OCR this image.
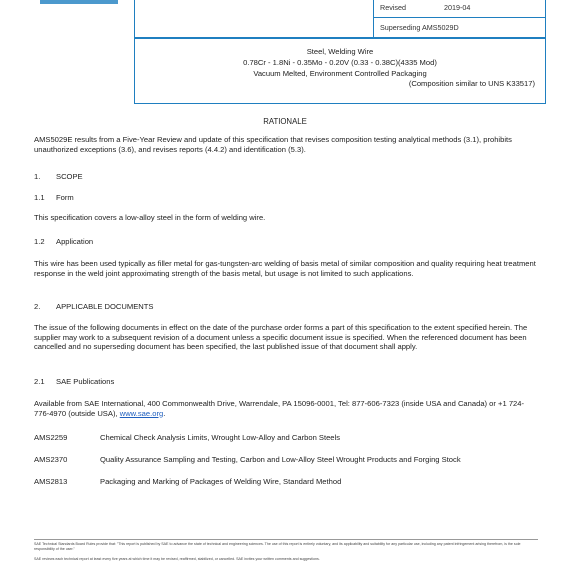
Revised	2019-04
Superseding AMS5029D
Steel, Welding Wire
0.78Cr - 1.8Ni - 0.35Mo - 0.20V (0.33 - 0.38C)(4335 Mod)
Vacuum Melted, Environment Controlled Packaging
(Composition similar to UNS K33517)
RATIONALE
AMS5029E results from a Five-Year Review and update of this specification that revises composition testing analytical methods (3.1), prohibits unauthorized exceptions (3.6), and revises reports (4.4.2) and identification (5.3).
1. SCOPE
1.1 Form
This specification covers a low-alloy steel in the form of welding wire.
1.2 Application
This wire has been used typically as filler metal for gas-tungsten-arc welding of basis metal of similar composition and quality requiring heat treatment response in the weld joint approximating strength of the basis metal, but usage is not limited to such applications.
2. APPLICABLE DOCUMENTS
The issue of the following documents in effect on the date of the purchase order forms a part of this specification to the extent specified herein. The supplier may work to a subsequent revision of a document unless a specific document issue is specified. When the referenced document has been cancelled and no superseding document has been specified, the last published issue of that document shall apply.
2.1 SAE Publications
Available from SAE International, 400 Commonwealth Drive, Warrendale, PA 15096-0001, Tel: 877-606-7323 (inside USA and Canada) or +1 724-776-4970 (outside USA), www.sae.org.
AMS2259	Chemical Check Analysis Limits, Wrought Low-Alloy and Carbon Steels
AMS2370	Quality Assurance Sampling and Testing, Carbon and Low-Alloy Steel Wrought Products and Forging Stock
AMS2813	Packaging and Marking of Packages of Welding Wire, Standard Method
SAE Technical Standards Board Rules provide that: "This report is published by SAE to advance the state of technical and engineering sciences. The use of this report is entirely voluntary, and its applicability and suitability for any particular use, including any patent infringement arising therefrom, is the sole responsibility of the user."
SAE reviews each technical report at least every five years at which time it may be revised, reaffirmed, stabilized, or cancelled. SAE invites your written comments and suggestions.
